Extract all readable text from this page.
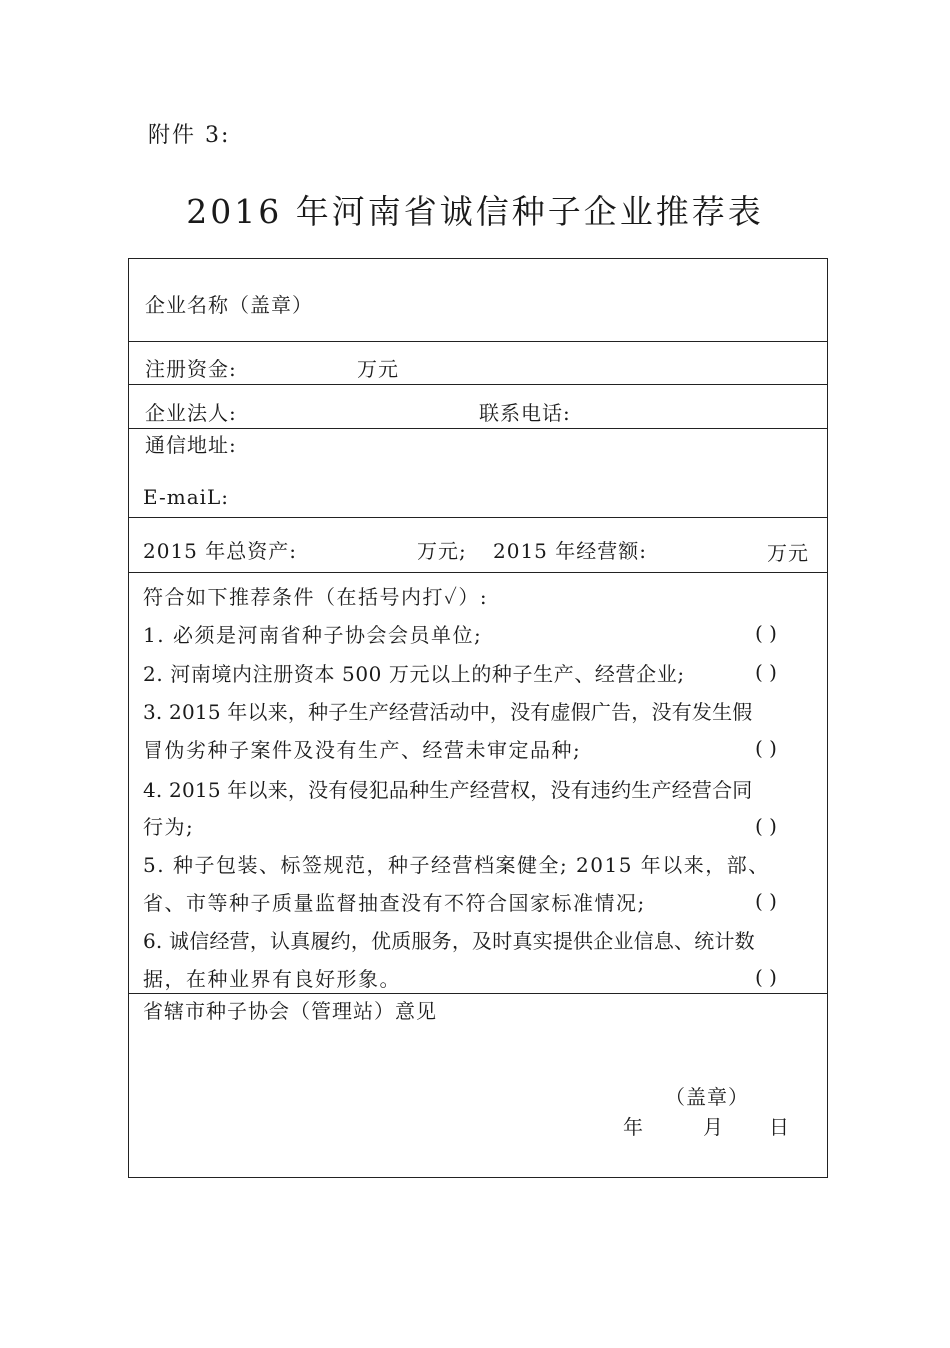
附件 3:
2016 年河南省诚信种子企业推荐表
企业名称（盖章）
注册资金:	万元
企业法人:	联系电话:
通信地址:
E-maiL:
2015 年总资产:	万元; 2015 年经营额:	万元
符合如下推荐条件（在括号内打✓）:
1. 必须是河南省种子协会会员单位;	( )
2. 河南境内注册资本 500 万元以上的种子生产、经营企业;	( )
3. 2015 年以来，种子生产经营活动中，没有虚假广告，没有发生假
冒伪劣种子案件及没有生产、经营未审定品种;	( )
4. 2015 年以来，没有侵犯品种生产经营权，没有违约生产经营合同
行为;	( )
5. 种子包装、标签规范，种子经营档案健全; 2015 年以来，部、
省、市等种子质量监督抽查没有不符合国家标准情况;	( )
6. 诚信经营，认真履约，优质服务，及时真实提供企业信息、统计数
据，在种业界有良好形象。	( )
省辖市种子协会（管理站）意见
（盖章）
年	月 日
